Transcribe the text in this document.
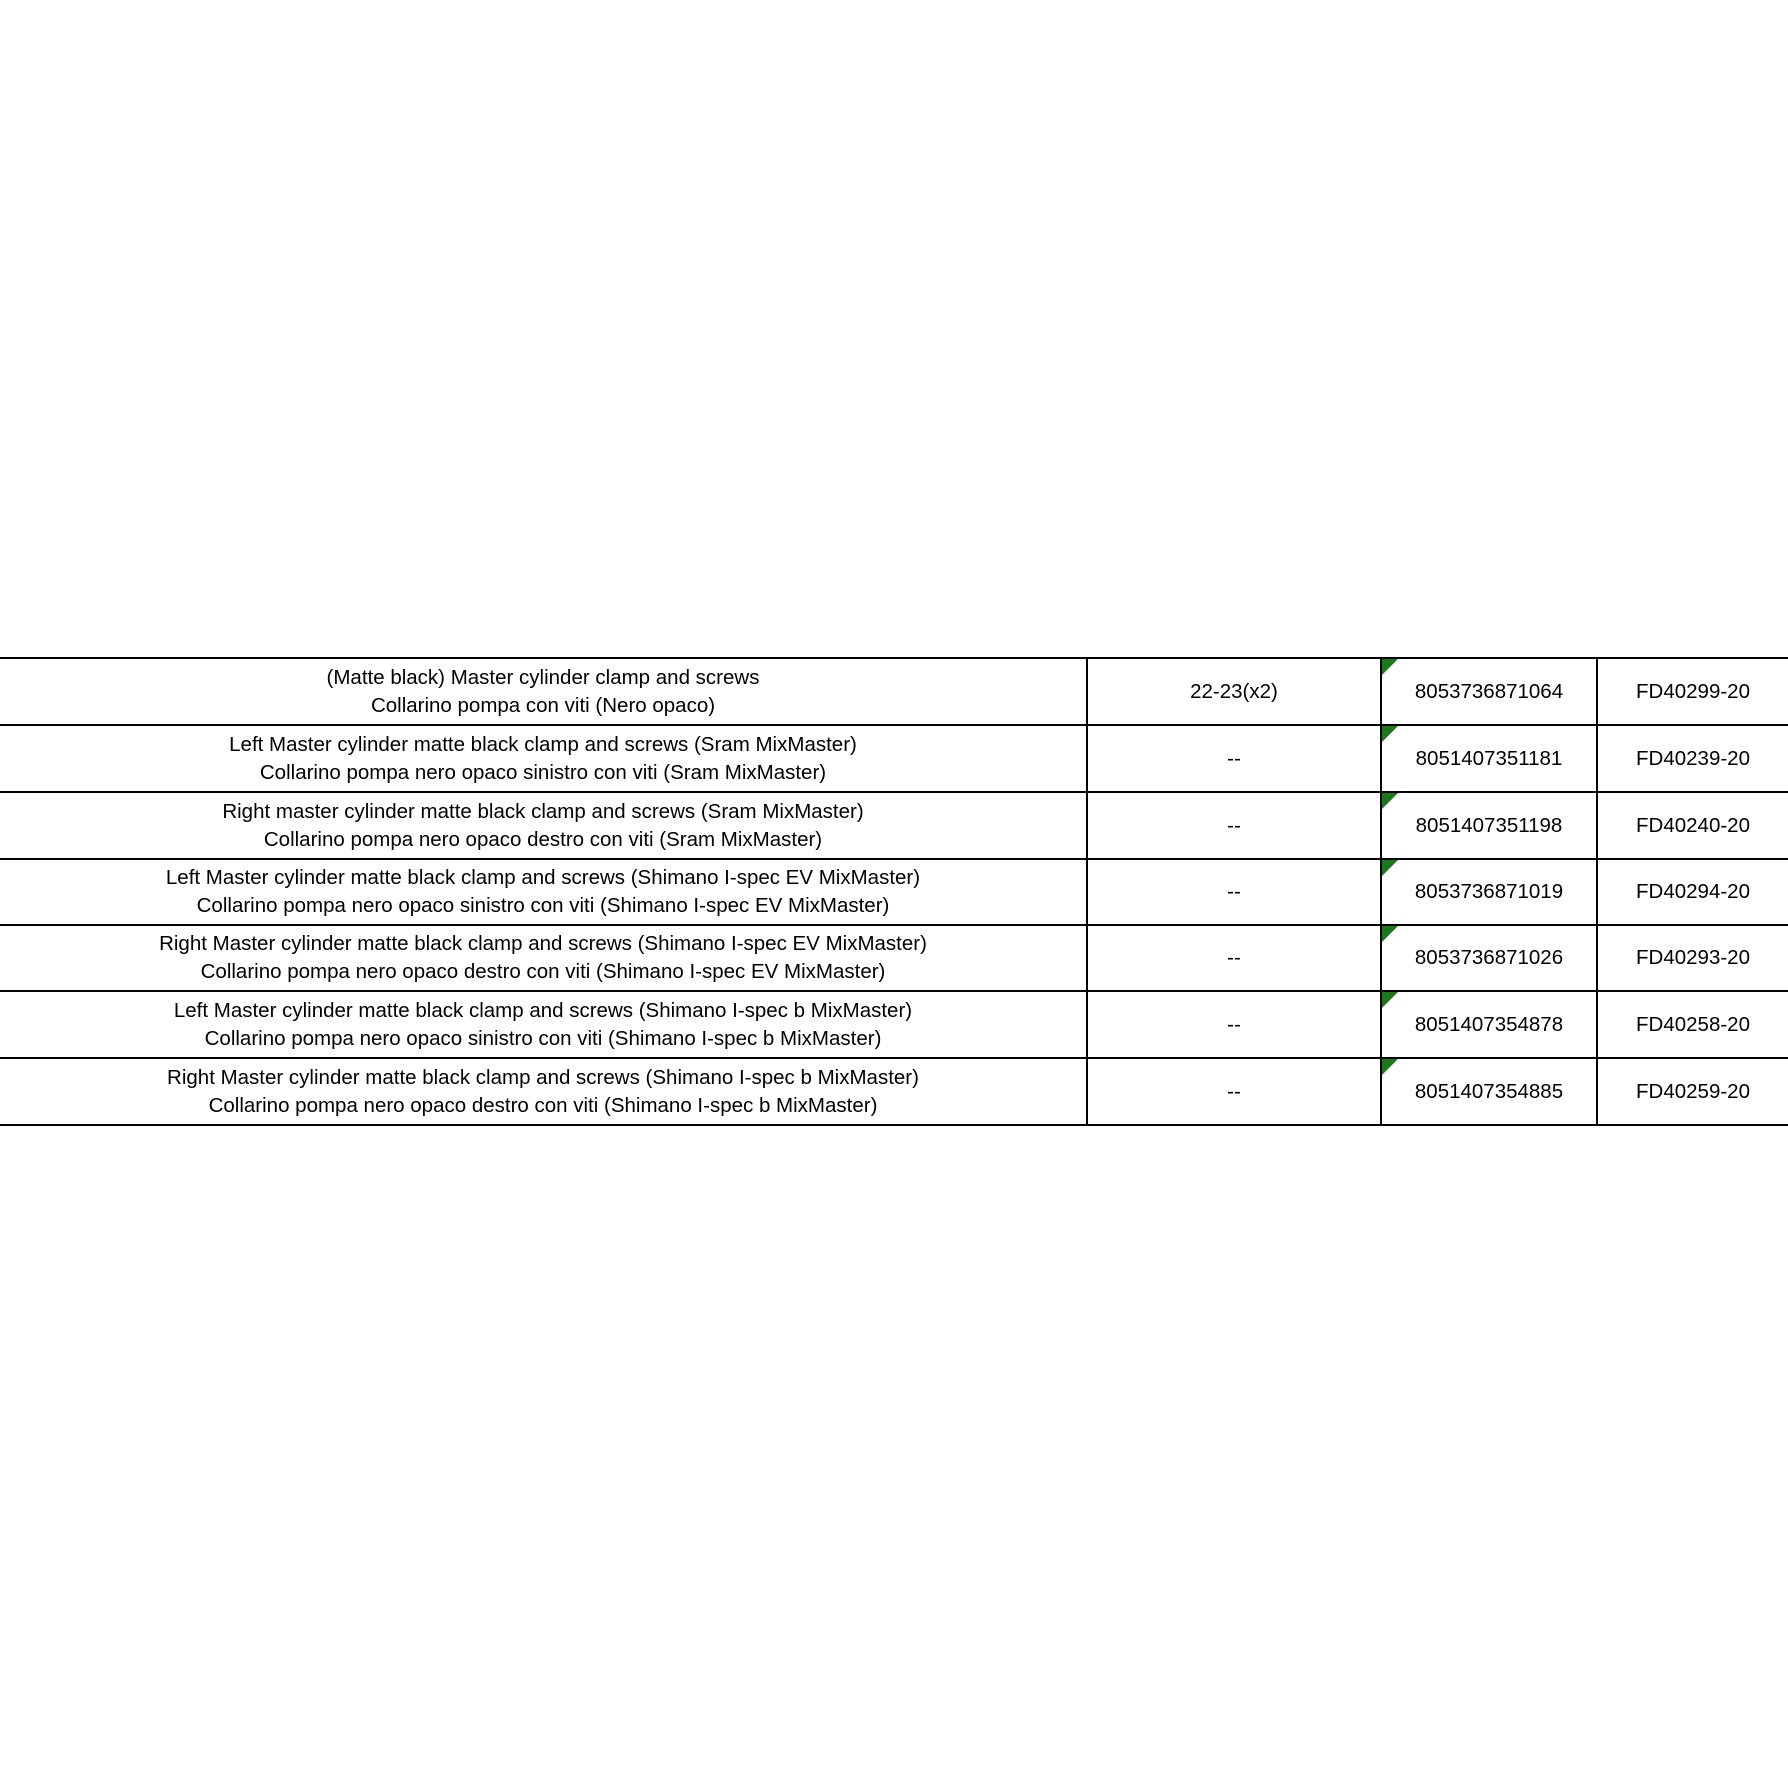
(Matte black) Master cylinder clamp and screws
Collarino pompa con viti (Nero opaco)	22-23(x2)	8053736871064	FD40299-20

Left Master cylinder matte black clamp and screws (Sram MixMaster)
Collarino pompa nero opaco sinistro con viti (Sram MixMaster)	--	8051407351181	FD40239-20

Right master cylinder matte black clamp and screws (Sram MixMaster)
Collarino pompa nero opaco destro con viti (Sram MixMaster)	--	8051407351198	FD40240-20

Left Master cylinder matte black clamp and screws (Shimano I-spec EV MixMaster)
Collarino pompa nero opaco sinistro con viti (Shimano I-spec EV MixMaster)	--	8053736871019	FD40294-20

Right Master cylinder matte black clamp and screws (Shimano I-spec EV MixMaster)
Collarino pompa nero opaco destro con viti (Shimano I-spec EV MixMaster)	--	8053736871026	FD40293-20

Left Master cylinder matte black clamp and screws (Shimano I-spec b MixMaster)
Collarino pompa nero opaco sinistro con viti (Shimano I-spec b MixMaster)	--	8051407354878	FD40258-20

Right Master cylinder matte black clamp and screws (Shimano I-spec b MixMaster)
Collarino pompa nero opaco destro con viti (Shimano I-spec b MixMaster)	--	8051407354885	FD40259-20
